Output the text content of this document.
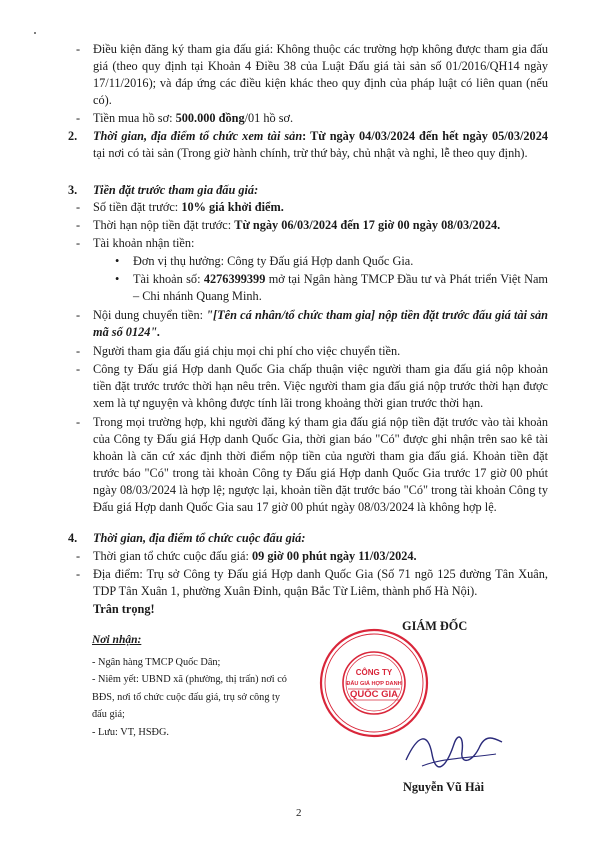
-	Điều kiện đăng ký tham gia đấu giá: Không thuộc các trường hợp không được tham gia đấu giá (theo quy định tại Khoản 4 Điều 38 của Luật Đấu giá tài sản số 01/2016/QH14 ngày 17/11/2016); và đáp ứng các điều kiện khác theo quy định của pháp luật có liên quan (nếu có).
-	Tiền mua hồ sơ: 500.000 đồng/01 hồ sơ.
2. Thời gian, địa điểm tổ chức xem tài sản: Từ ngày 04/03/2024 đến hết ngày 05/03/2024 tại nơi có tài sản (Trong giờ hành chính, trừ thứ bảy, chủ nhật và nghỉ, lễ theo quy định).
3. Tiền đặt trước tham gia đấu giá:
-	Số tiền đặt trước: 10% giá khởi điểm.
-	Thời hạn nộp tiền đặt trước: Từ ngày 06/03/2024 đến 17 giờ 00 ngày 08/03/2024.
-	Tài khoản nhận tiền:
• Đơn vị thụ hưởng: Công ty Đấu giá Hợp danh Quốc Gia.
• Tài khoản số: 4276399399 mở tại Ngân hàng TMCP Đầu tư và Phát triển Việt Nam – Chi nhánh Quang Minh.
-	Nội dung chuyển tiền: "[Tên cá nhân/tổ chức tham gia] nộp tiền đặt trước đấu giá tài sản mã số 0124".
-	Người tham gia đấu giá chịu mọi chi phí cho việc chuyển tiền.
-	Công ty Đấu giá Hợp danh Quốc Gia chấp thuận việc người tham gia đấu giá nộp khoản tiền đặt trước trước thời hạn nêu trên. Việc người tham gia đấu giá nộp trước thời hạn được xem là tự nguyện và không được tính lãi trong khoảng thời gian trước thời hạn.
-	Trong mọi trường hợp, khi người đăng ký tham gia đấu giá nộp tiền đặt trước vào tài khoản của Công ty Đấu giá Hợp danh Quốc Gia, thời gian báo "Có" được ghi nhận trên sao kê tài khoản là căn cứ xác định thời điểm nộp tiền của người tham gia đấu giá. Khoản tiền đặt trước báo "Có" trong tài khoản Công ty Đấu giá Hợp danh Quốc Gia trước 17 giờ 00 phút ngày 08/03/2024 là hợp lệ; ngược lại, khoản tiền đặt trước báo "Có" trong tài khoản Công ty Đấu giá Hợp danh Quốc Gia sau 17 giờ 00 phút ngày 08/03/2024 là không hợp lệ.
4. Thời gian, địa điểm tổ chức cuộc đấu giá:
-	Thời gian tổ chức cuộc đấu giá: 09 giờ 00 phút ngày 11/03/2024.
-	Địa điểm: Trụ sở Công ty Đấu giá Hợp danh Quốc Gia (Số 71 ngõ 125 đường Tân Xuân, TDP Tân Xuân 1, phường Xuân Đỉnh, quận Bắc Từ Liêm, thành phố Hà Nội).
Trân trọng!
Nơi nhận:
- Ngân hàng TMCP Quốc Dân;
- Niêm yết: UBND xã (phường, thị trấn) nơi có BĐS, nơi tổ chức cuộc đấu giá, trụ sở công ty đấu giá;
- Lưu: VT, HSĐG.
GIÁM ĐỐC
CÔNG TY
ĐẤU GIÁ HỢP DANH
QUỐC GIA
Nguyễn Vũ Hải
2
